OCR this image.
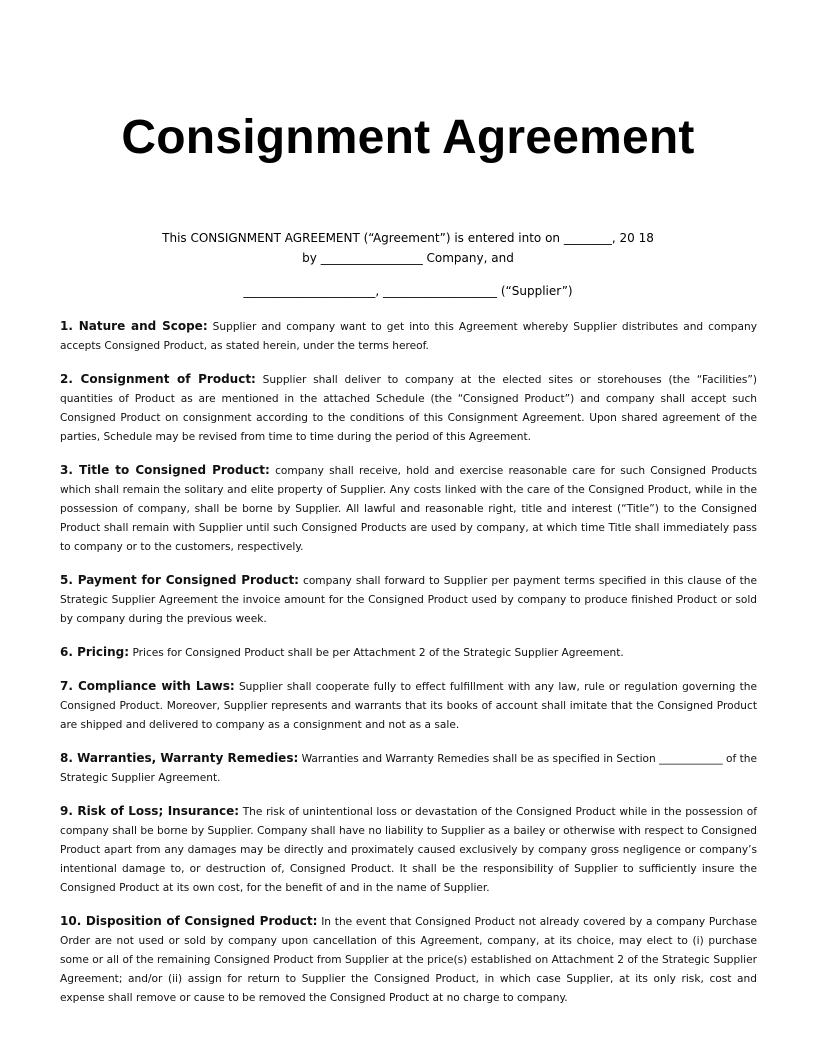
Consignment Agreement
This CONSIGNMENT AGREEMENT (“Agreement”) is entered into on ________, 20 18
by _________________ Company, and
______________________, ___________________ (“Supplier”)

1. Nature and Scope: Supplier and company want to get into this Agreement whereby Supplier distributes and company accepts Consigned Product, as stated herein, under the terms hereof.

2. Consignment of Product: Supplier shall deliver to company at the elected sites or storehouses (the “Facilities”) quantities of Product as are mentioned in the attached Schedule (the “Consigned Product”) and company shall accept such Consigned Product on consignment according to the conditions of this Consignment Agreement. Upon shared agreement of the parties, Schedule may be revised from time to time during the period of this Agreement.

3. Title to Consigned Product: company shall receive, hold and exercise reasonable care for such Consigned Products which shall remain the solitary and elite property of Supplier. Any costs linked with the care of the Consigned Product, while in the possession of company, shall be borne by Supplier. All lawful and reasonable right, title and interest (“Title”) to the Consigned Product shall remain with Supplier until such Consigned Products are used by company, at which time Title shall immediately pass to company or to the customers, respectively.

5. Payment for Consigned Product: company shall forward to Supplier per payment terms specified in this clause of the Strategic Supplier Agreement the invoice amount for the Consigned Product used by company to produce finished Product or sold by company during the previous week.

6. Pricing: Prices for Consigned Product shall be per Attachment 2 of the Strategic Supplier Agreement.

7. Compliance with Laws: Supplier shall cooperate fully to effect fulfillment with any law, rule or regulation governing the Consigned Product. Moreover, Supplier represents and warrants that its books of account shall imitate that the Consigned Product are shipped and delivered to company as a consignment and not as a sale.

8. Warranties, Warranty Remedies: Warranties and Warranty Remedies shall be as specified in Section ____________ of the Strategic Supplier Agreement.

9. Risk of Loss; Insurance: The risk of unintentional loss or devastation of the Consigned Product while in the possession of company shall be borne by Supplier. Company shall have no liability to Supplier as a bailey or otherwise with respect to Consigned Product apart from any damages may be directly and proximately caused exclusively by company gross negligence or company’s intentional damage to, or destruction of, Consigned Product. It shall be the responsibility of Supplier to sufficiently insure the Consigned Product at its own cost, for the benefit of and in the name of Supplier.

10. Disposition of Consigned Product: In the event that Consigned Product not already covered by a company Purchase Order are not used or sold by company upon cancellation of this Agreement, company, at its choice, may elect to (i) purchase some or all of the remaining Consigned Product from Supplier at the price(s) established on Attachment 2 of the Strategic Supplier Agreement; and/or (ii) assign for return to Supplier the Consigned Product, in which case Supplier, at its only risk, cost and expense shall remove or cause to be removed the Consigned Product at no charge to company.
